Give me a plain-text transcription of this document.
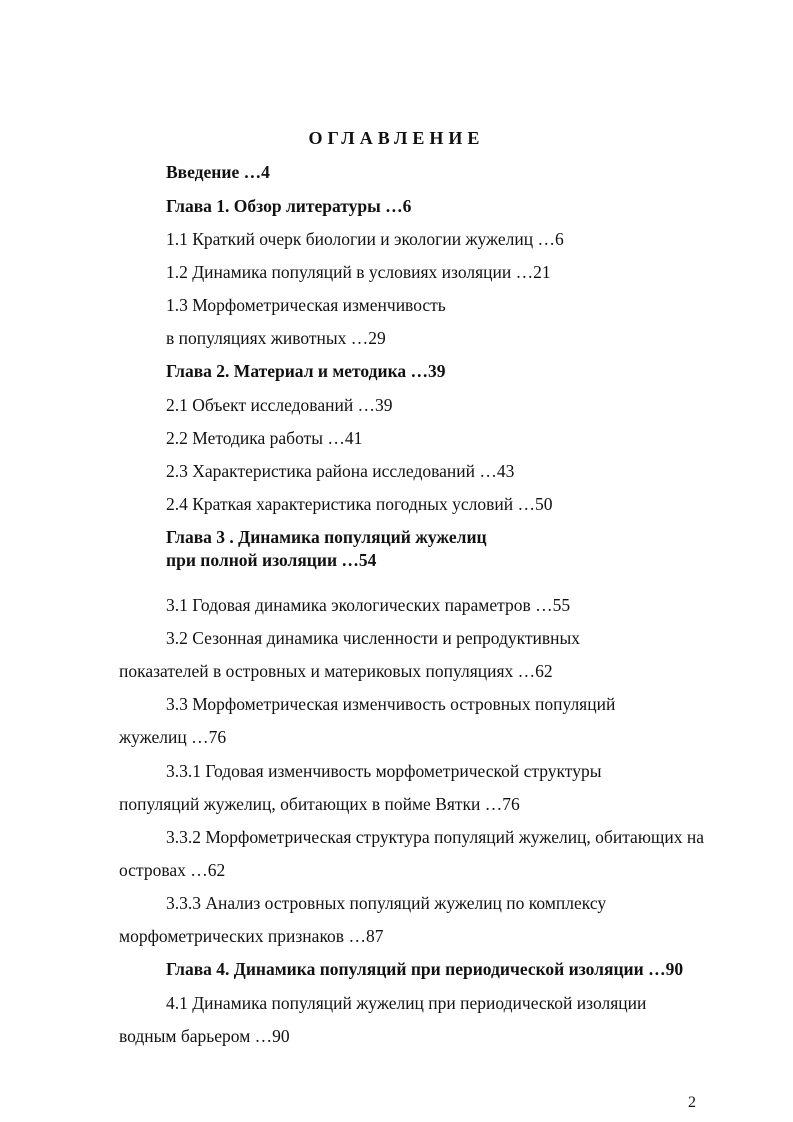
ОГЛАВЛЕНИЕ
Введение …4
Глава 1. Обзор литературы …6
1.1 Краткий очерк биологии и экологии жужелиц …6
1.2 Динамика популяций в условиях изоляции …21
1.3 Морфометрическая изменчивость
в популяциях животных …29
Глава 2. Материал и методика …39
2.1 Объект исследований …39
2.2 Методика работы …41
2.3 Характеристика района исследований …43
2.4 Краткая характеристика погодных условий …50
Глава 3 . Динамика популяций жужелиц
при полной изоляции …54
3.1 Годовая динамика экологических параметров …55
3.2 Сезонная динамика численности и репродуктивных
показателей в островных и материковых популяциях …62
3.3 Морфометрическая изменчивость островных популяций
жужелиц …76
3.3.1 Годовая изменчивость морфометрической структуры
популяций жужелиц, обитающих в пойме Вятки …76
3.3.2 Морфометрическая структура популяций жужелиц, обитающих на
островах …62
3.3.3 Анализ островных популяций жужелиц по комплексу
морфометрических признаков …87
Глава 4. Динамика популяций при периодической изоляции …90
4.1 Динамика популяций жужелиц при периодической изоляции
водным барьером …90
2
